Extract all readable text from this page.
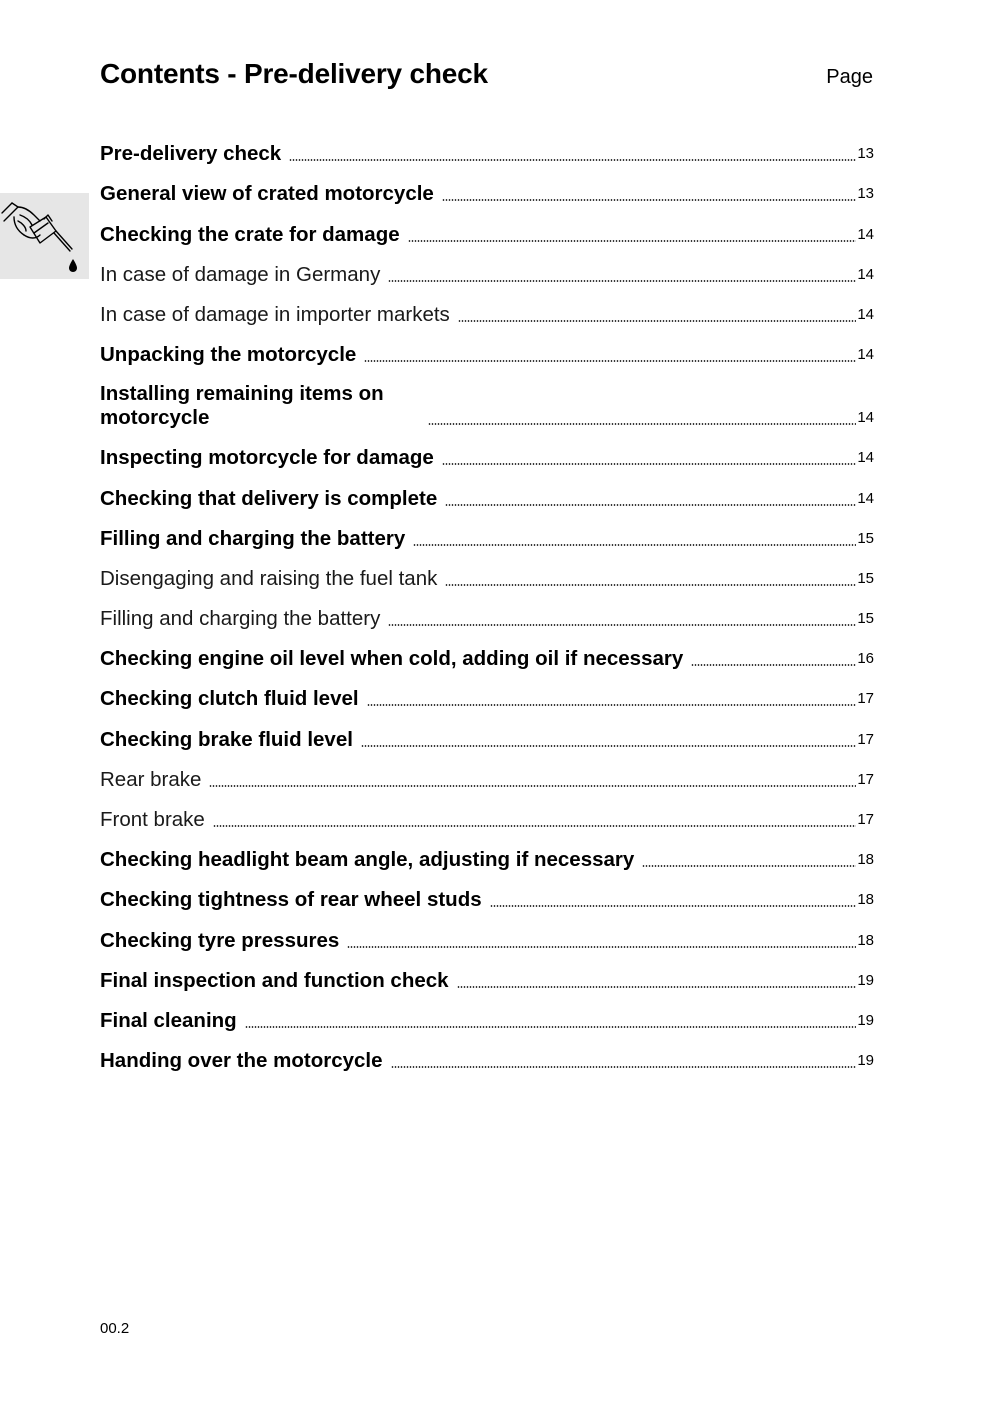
Contents - Pre-delivery check	Page
Pre-delivery check	13
General view of crated motorcycle	13
Checking the crate for damage	14
In case of damage in Germany	14
In case of damage in importer markets	14
Unpacking the motorcycle	14
Installing remaining items on motorcycle	14
Inspecting motorcycle for damage	14
Checking that delivery is complete	14
Filling and charging the battery	15
Disengaging and raising the fuel tank	15
Filling and charging the battery	15
Checking engine oil level when cold, adding oil if necessary	16
Checking clutch fluid level	17
Checking brake fluid level	17
Rear brake	17
Front brake	17
Checking headlight beam angle, adjusting if necessary	18
Checking tightness of rear wheel studs	18
Checking tyre pressures	18
Final inspection and function check	19
Final cleaning	19
Handing over the motorcycle	19
00.2
